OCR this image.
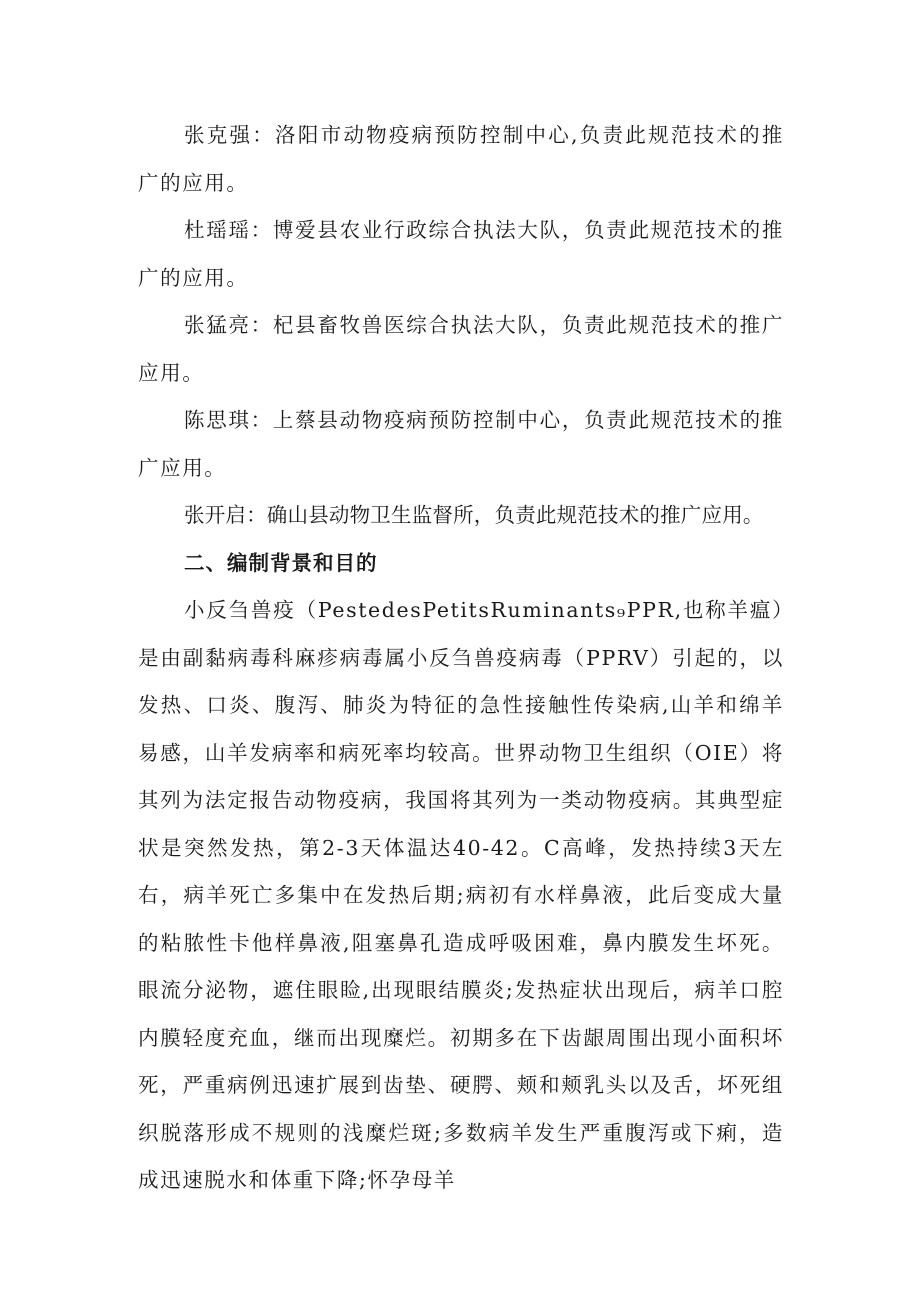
张克强：洛阳市动物疫病预防控制中心,负责此规范技术的推广的应用。

杜瑶瑶：博爱县农业行政综合执法大队，负责此规范技术的推广的应用。

张猛亮：杞县畜牧兽医综合执法大队，负责此规范技术的推广应用。

陈思琪：上蔡县动物疫病预防控制中心，负责此规范技术的推广应用。

张开启：确山县动物卫生监督所，负责此规范技术的推广应用。

二、编制背景和目的

小反刍兽疫（PestedesPetitsRuminants₉PPR,也称羊瘟）是由副黏病毒科麻疹病毒属小反刍兽疫病毒（PPRV）引起的，以发热、口炎、腹泻、肺炎为特征的急性接触性传染病,山羊和绵羊易感，山羊发病率和病死率均较高。世界动物卫生组织（OIE）将其列为法定报告动物疫病，我国将其列为一类动物疫病。其典型症状是突然发热，第2-3天体温达40-42。C高峰，发热持续3天左右，病羊死亡多集中在发热后期;病初有水样鼻液，此后变成大量的粘脓性卡他样鼻液,阻塞鼻孔造成呼吸困难，鼻内膜发生坏死。眼流分泌物，遮住眼睑,出现眼结膜炎;发热症状出现后，病羊口腔内膜轻度充血，继而出现糜烂。初期多在下齿龈周围出现小面积坏死，严重病例迅速扩展到齿垫、硬腭、颊和颊乳头以及舌，坏死组织脱落形成不规则的浅糜烂斑;多数病羊发生严重腹泻或下痢，造成迅速脱水和体重下降;怀孕母羊
